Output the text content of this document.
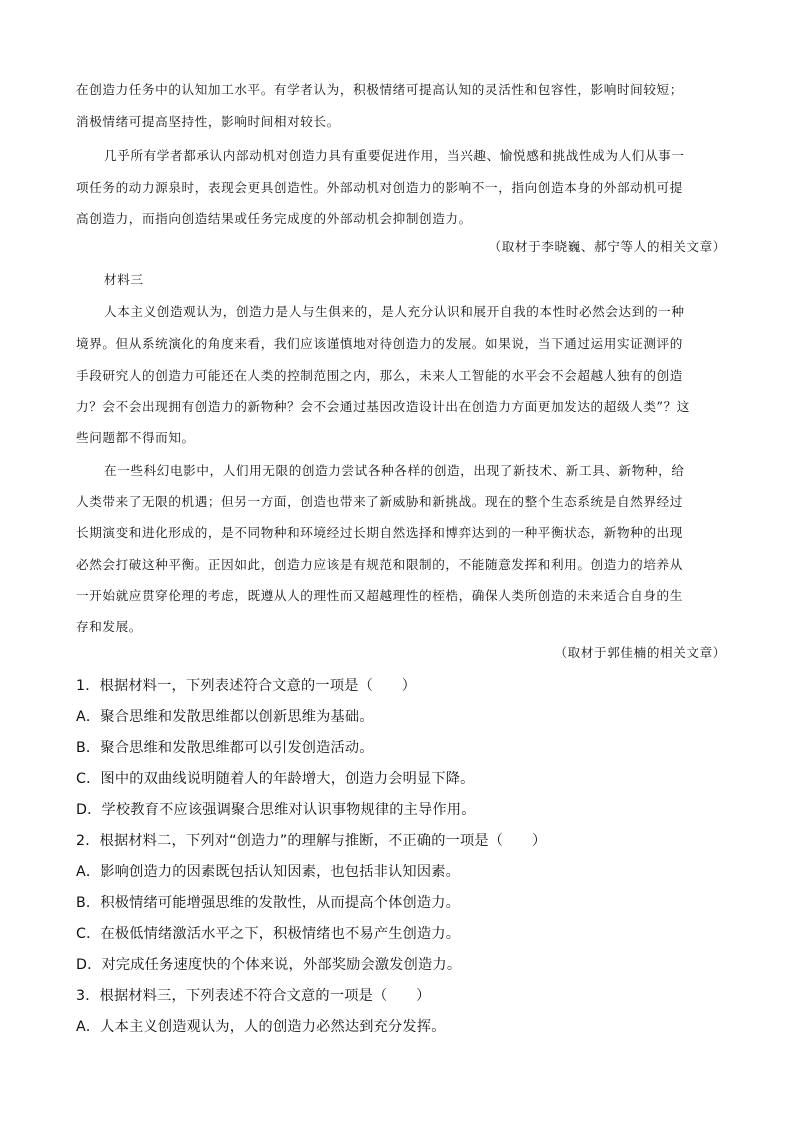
在创造力任务中的认知加工水平。有学者认为，积极情绪可提高认知的灵活性和包容性，影响时间较短；
消极情绪可提高坚持性，影响时间相对较长。
几乎所有学者都承认内部动机对创造力具有重要促进作用，当兴趣、愉悦感和挑战性成为人们从事一
项任务的动力源泉时，表现会更具创造性。外部动机对创造力的影响不一，指向创造本身的外部动机可提
高创造力，而指向创造结果或任务完成度的外部动机会抑制创造力。
（取材于李晓巍、郝宁等人的相关文章）
材料三
人本主义创造观认为，创造力是人与生俱来的，是人充分认识和展开自我的本性时必然会达到的一种
境界。但从系统演化的角度来看，我们应该谨慎地对待创造力的发展。如果说，当下通过运用实证测评的
手段研究人的创造力可能还在人类的控制范围之内，那么，未来人工智能的水平会不会超越人独有的创造
力？会不会出现拥有创造力的新物种？会不会通过基因改造设计出在创造力方面更加发达的超级人类”？这
些问题都不得而知。
在一些科幻电影中，人们用无限的创造力尝试各种各样的创造，出现了新技术、新工具、新物种，给
人类带来了无限的机遇；但另一方面，创造也带来了新威胁和新挑战。现在的整个生态系统是自然界经过
长期演变和进化形成的，是不同物种和环境经过长期自然选择和博弈达到的一种平衡状态，新物种的出现
必然会打破这种平衡。正因如此，创造力应该是有规范和限制的，不能随意发挥和利用。创造力的培养从
一开始就应贯穿伦理的考虑，既遵从人的理性而又超越理性的桎梏，确保人类所创造的未来适合自身的生
存和发展。
（取材于郭佳楠的相关文章）
1．根据材料一，下列表述符合文意的一项是（　　）
A．聚合思维和发散思维都以创新思维为基础。
B．聚合思维和发散思维都可以引发创造活动。
C．图中的双曲线说明随着人的年龄增大，创造力会明显下降。
D．学校教育不应该强调聚合思维对认识事物规律的主导作用。
2．根据材料二，下列对“创造力”的理解与推断，不正确的一项是（　　）
A．影响创造力的因素既包括认知因素，也包括非认知因素。
B．积极情绪可能增强思维的发散性，从而提高个体创造力。
C．在极低情绪激活水平之下，积极情绪也不易产生创造力。
D．对完成任务速度快的个体来说，外部奖励会激发创造力。
3．根据材料三，下列表述不符合文意的一项是（　　）
A．人本主义创造观认为，人的创造力必然达到充分发挥。
